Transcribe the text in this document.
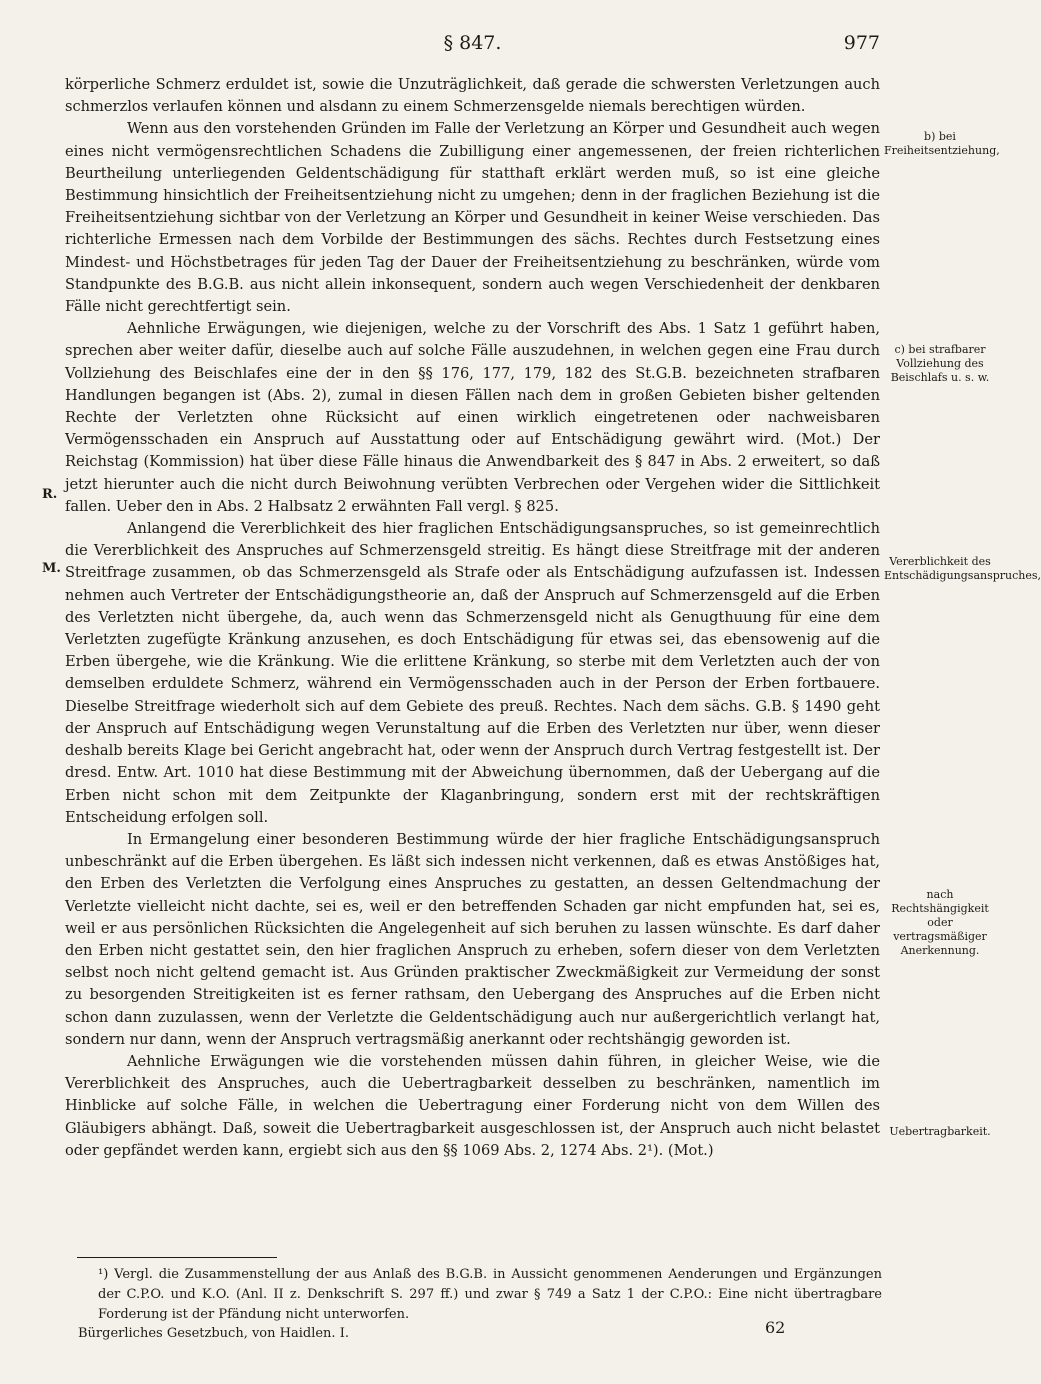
§ 847.	977

körperliche Schmerz erduldet ist, sowie die Unzuträglichkeit, daß gerade die schwersten Verletzungen auch schmerzlos verlaufen können und alsdann zu einem Schmerzensgelde niemals berechtigen würden.

Wenn aus den vorstehenden Gründen im Falle der Verletzung an Körper und Gesundheit auch wegen eines nicht vermögensrechtlichen Schadens die Zubilligung einer angemessenen, der freien richterlichen Beurtheilung unterliegenden Geldentschädigung für statthaft erklärt werden muß, so ist eine gleiche Bestimmung hinsichtlich der Freiheitsentziehung nicht zu umgehen; denn in der fraglichen Beziehung ist die Freiheitsentziehung sichtbar von der Verletzung an Körper und Gesundheit in keiner Weise verschieden. Das richterliche Ermessen nach dem Vorbilde der Bestimmungen des sächs. Rechtes durch Festsetzung eines Mindest- und Höchstbetrages für jeden Tag der Dauer der Freiheitsentziehung zu beschränken, würde vom Standpunkte des B.G.B. aus nicht allein inkonsequent, sondern auch wegen Verschiedenheit der denkbaren Fälle nicht gerechtfertigt sein.

Aehnliche Erwägungen, wie diejenigen, welche zu der Vorschrift des Abs. 1 Satz 1 geführt haben, sprechen aber weiter dafür, dieselbe auch auf solche Fälle auszudehnen, in welchen gegen eine Frau durch Vollziehung des Beischlafes eine der in den §§ 176, 177, 179, 182 des St.G.B. bezeichneten strafbaren Handlungen begangen ist (Abs. 2), zumal in diesen Fällen nach dem in großen Gebieten bisher geltenden Rechte der Verletzten ohne Rücksicht auf einen wirklich eingetretenen oder nachweisbaren Vermögensschaden ein Anspruch auf Ausstattung oder auf Entschädigung gewährt wird. (Mot.) Der Reichstag (Kommission) hat über diese Fälle hinaus die Anwendbarkeit des § 847 in Abs. 2 erweitert, so daß jetzt hierunter auch die nicht durch Beiwohnung verübten Verbrechen oder Vergehen wider die Sittlichkeit fallen. Ueber den in Abs. 2 Halbsatz 2 erwähnten Fall vergl. § 825.

Anlangend die Vererblichkeit des hier fraglichen Entschädigungsanspruches, so ist gemeinrechtlich die Vererblichkeit des Anspruches auf Schmerzensgeld streitig. Es hängt diese Streitfrage mit der anderen Streitfrage zusammen, ob das Schmerzensgeld als Strafe oder als Entschädigung aufzufassen ist. Indessen nehmen auch Vertreter der Entschädigungstheorie an, daß der Anspruch auf Schmerzensgeld auf die Erben des Verletzten nicht übergehe, da, auch wenn das Schmerzensgeld nicht als Genugthuung für eine dem Verletzten zugefügte Kränkung anzusehen, es doch Entschädigung für etwas sei, das ebensowenig auf die Erben übergehe, wie die Kränkung. Wie die erlittene Kränkung, so sterbe mit dem Verletzten auch der von demselben erduldete Schmerz, während ein Vermögensschaden auch in der Person der Erben fortbauere. Dieselbe Streitfrage wiederholt sich auf dem Gebiete des preuß. Rechtes. Nach dem sächs. G.B. § 1490 geht der Anspruch auf Entschädigung wegen Verunstaltung auf die Erben des Verletzten nur über, wenn dieser deshalb bereits Klage bei Gericht angebracht hat, oder wenn der Anspruch durch Vertrag festgestellt ist. Der dresd. Entw. Art. 1010 hat diese Bestimmung mit der Abweichung übernommen, daß der Uebergang auf die Erben nicht schon mit dem Zeitpunkte der Klaganbringung, sondern erst mit der rechtskräftigen Entscheidung erfolgen soll.

In Ermangelung einer besonderen Bestimmung würde der hier fragliche Entschädigungsanspruch unbeschränkt auf die Erben übergehen. Es läßt sich indessen nicht verkennen, daß es etwas Anstößiges hat, den Erben des Verletzten die Verfolgung eines Anspruches zu gestatten, an dessen Geltendmachung der Verletzte vielleicht nicht dachte, sei es, weil er den betreffenden Schaden gar nicht empfunden hat, sei es, weil er aus persönlichen Rücksichten die Angelegenheit auf sich beruhen zu lassen wünschte. Es darf daher den Erben nicht gestattet sein, den hier fraglichen Anspruch zu erheben, sofern dieser von dem Verletzten selbst noch nicht geltend gemacht ist. Aus Gründen praktischer Zweckmäßigkeit zur Vermeidung der sonst zu besorgenden Streitigkeiten ist es ferner rathsam, den Uebergang des Anspruches auf die Erben nicht schon dann zuzulassen, wenn der Verletzte die Geldentschädigung auch nur außergerichtlich verlangt hat, sondern nur dann, wenn der Anspruch vertragsmäßig anerkannt oder rechtshängig geworden ist.

Aehnliche Erwägungen wie die vorstehenden müssen dahin führen, in gleicher Weise, wie die Vererblichkeit des Anspruches, auch die Uebertragbarkeit desselben zu beschränken, namentlich im Hinblicke auf solche Fälle, in welchen die Uebertragung einer Forderung nicht von dem Willen des Gläubigers abhängt. Daß, soweit die Uebertragbarkeit ausgeschlossen ist, der Anspruch auch nicht belastet oder gepfändet werden kann, ergiebt sich aus den §§ 1069 Abs. 2, 1274 Abs. 2¹). (Mot.)

b) bei Freiheitsentziehung,
c) bei strafbarer Vollziehung des Beischlafs u. s. w.
Vererblichkeit des Entschädigungsanspruches,
nach Rechtshängigkeit oder vertragsmäßiger Anerkennung.
Uebertragbarkeit.
R.
M.
¹) Vergl. die Zusammenstellung der aus Anlaß des B.G.B. in Aussicht genommenen Aenderungen und Ergänzungen der C.P.O. und K.O. (Anl. II z. Denkschrift S. 297 ff.) und zwar § 749 a Satz 1 der C.P.O.: Eine nicht übertragbare Forderung ist der Pfändung nicht unterworfen.
Bürgerliches Gesetzbuch, von Haidlen. I.	62
